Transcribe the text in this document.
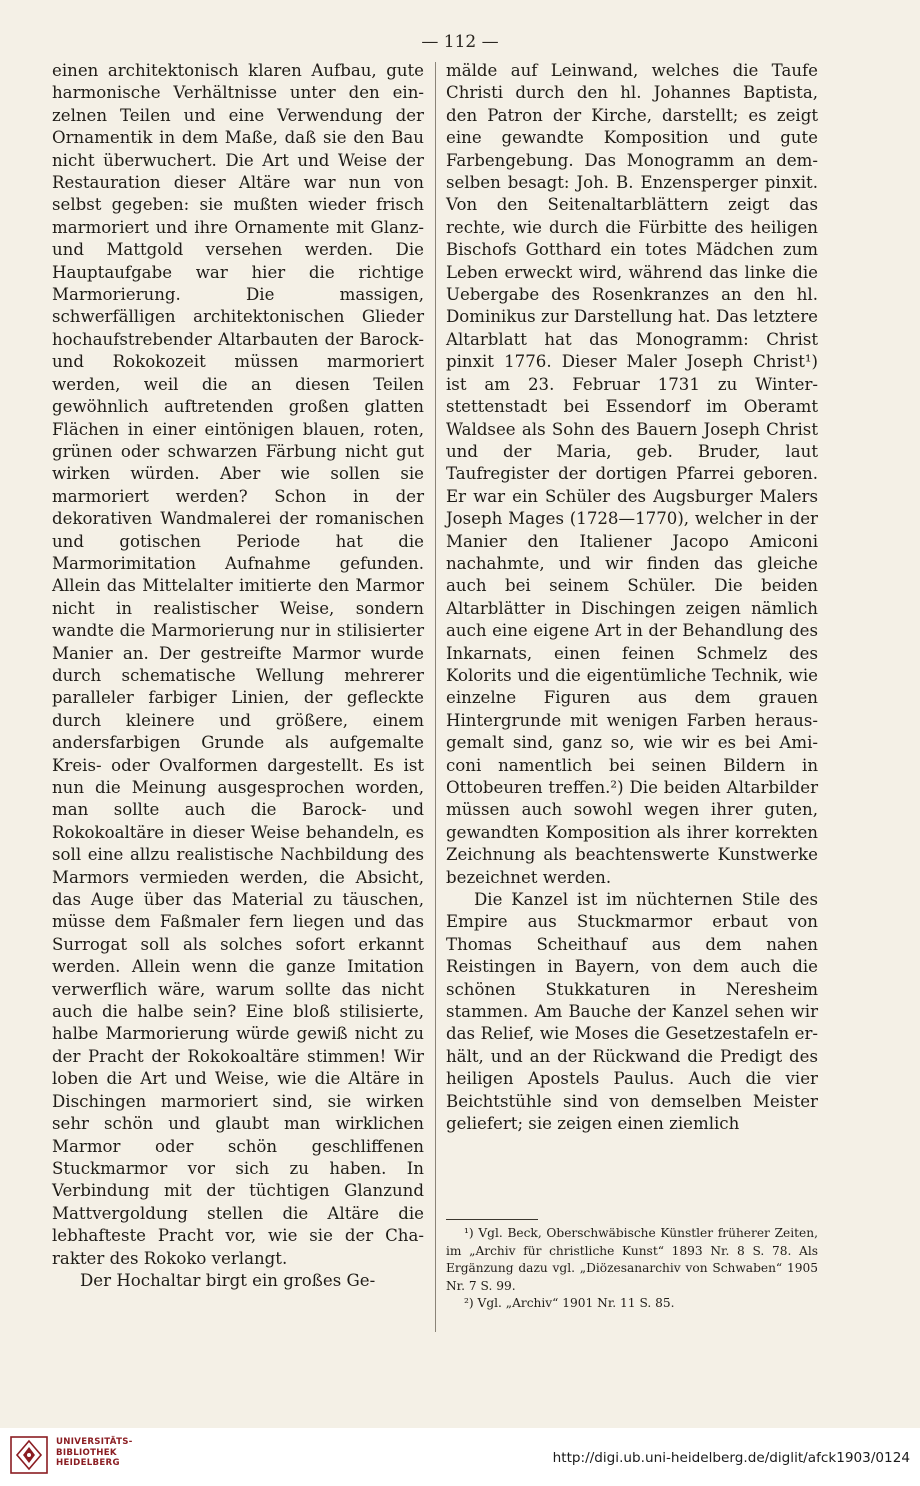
— 112 —

einen architektonisch klaren Aufbau, gute harmonische Verhältnisse unter den einzelnen Teilen und eine Verwendung der Ornamentik in dem Maße, daß sie den Bau nicht überwuchert. Die Art und Weise der Restauration dieser Altäre war nun von selbst gegeben: sie mußten wieder frisch marmoriert und ihre Ornamente mit Glanz- und Mattgold versehen werden. Die Hauptaufgabe war hier die richtige Marmorierung. Die massigen, schwerfälligen architektonischen Glieder hochaufstrebender Altarbauten der Barock- und Rokokozeit müssen marmoriert werden, weil die an diesen Teilen gewöhnlich auftretenden großen glatten Flächen in einer eintönigen blauen, roten, grünen oder schwarzen Färbung nicht gut wirken würden. Aber wie sollen sie marmoriert werden? Schon in der dekorativen Wandmalerei der romanischen und gotischen Periode hat die Marmorimitation Aufnahme gefunden. Allein das Mittelalter imitierte den Marmor nicht in realistischer Weise, sondern wandte die Marmorierung nur in stilisierter Manier an. Der gestreifte Marmor wurde durch schematische Wellung mehrerer paralleler farbiger Linien, der gefleckte durch kleinere und größere, einem andersfarbigen Grunde als aufgemalte Kreis- oder Ovalformen dargestellt. Es ist nun die Meinung ausgesprochen worden, man sollte auch die Barock- und Rokokoaltäre in dieser Weise behandeln, es soll eine allzu realistische Nachbildung des Marmors vermieden werden, die Absicht, das Auge über das Material zu täuschen, müsse dem Faßmaler fern liegen und das Surrogat soll als solches sofort erkannt werden. Allein wenn die ganze Imitation verwerflich wäre, warum sollte das nicht auch die halbe sein? Eine bloß stilisierte, halbe Marmorierung würde gewiß nicht zu der Pracht der Rokokoaltäre stimmen! Wir loben die Art und Weise, wie die Altäre in Dischingen marmoriert sind, sie wirken sehr schön und glaubt man wirklichen Marmor oder schön geschliffenen Stuckmarmor vor sich zu haben. In Verbindung mit der tüchtigen Glanzund Mattvergoldung stellen die Altäre die lebhafteste Pracht vor, wie sie der Charakter des Rokoko verlangt.

Der Hochaltar birgt ein großes Ge-

mälde auf Leinwand, welches die Taufe Christi durch den hl. Johannes Baptista, den Patron der Kirche, darstellt; es zeigt eine gewandte Komposition und gute Farbengebung. Das Monogramm an demselben besagt: Joh. B. Enzensperger pinxit. Von den Seitenaltarblättern zeigt das rechte, wie durch die Fürbitte des heiligen Bischofs Gotthard ein totes Mädchen zum Leben erweckt wird, während das linke die Uebergabe des Rosenkranzes an den hl. Dominikus zur Darstellung hat. Das letztere Altarblatt hat das Monogramm: Christ pinxit 1776. Dieser Maler Joseph Christ¹) ist am 23. Februar 1731 zu Winterstettenstadt bei Essendorf im Oberamt Waldsee als Sohn des Bauern Joseph Christ und der Maria, geb. Bruder, laut Taufregister der dortigen Pfarrei geboren. Er war ein Schüler des Augsburger Malers Joseph Mages (1728—1770), welcher in der Manier den Italiener Jacopo Amiconi nachahmte, und wir finden das gleiche auch bei seinem Schüler. Die beiden Altarblätter in Dischingen zeigen nämlich auch eine eigene Art in der Behandlung des Inkarnats, einen feinen Schmelz des Kolorits und die eigentümliche Technik, wie einzelne Figuren aus dem grauen Hintergrunde mit wenigen Farben herausgemalt sind, ganz so, wie wir es bei Amiconi namentlich bei seinen Bildern in Ottobeuren treffen.²) Die beiden Altarbilder müssen auch sowohl wegen ihrer guten, gewandten Komposition als ihrer korrekten Zeichnung als beachtenswerte Kunstwerke bezeichnet werden.

Die Kanzel ist im nüchternen Stile des Empire aus Stuckmarmor erbaut von Thomas Scheithauf aus dem nahen Reistingen in Bayern, von dem auch die schönen Stukkaturen in Neresheim stammen. Am Bauche der Kanzel sehen wir das Relief, wie Moses die Gesetzestafeln erhält, und an der Rückwand die Predigt des heiligen Apostels Paulus. Auch die vier Beichtstühle sind von demselben Meister geliefert; sie zeigen einen ziemlich

¹) Vgl. Beck, Oberschwäbische Künstler früherer Zeiten, im „Archiv für christliche Kunst“ 1893 Nr. 8 S. 78. Als Ergänzung dazu vgl. „Diözesanarchiv von Schwaben“ 1905 Nr. 7 S. 99.

²) Vgl. „Archiv“ 1901 Nr. 11 S. 85.

UNIVERSITÄTS-
BIBLIOTHEK
HEIDELBERG	http://digi.ub.uni-heidelberg.de/diglit/afck1903/0124
